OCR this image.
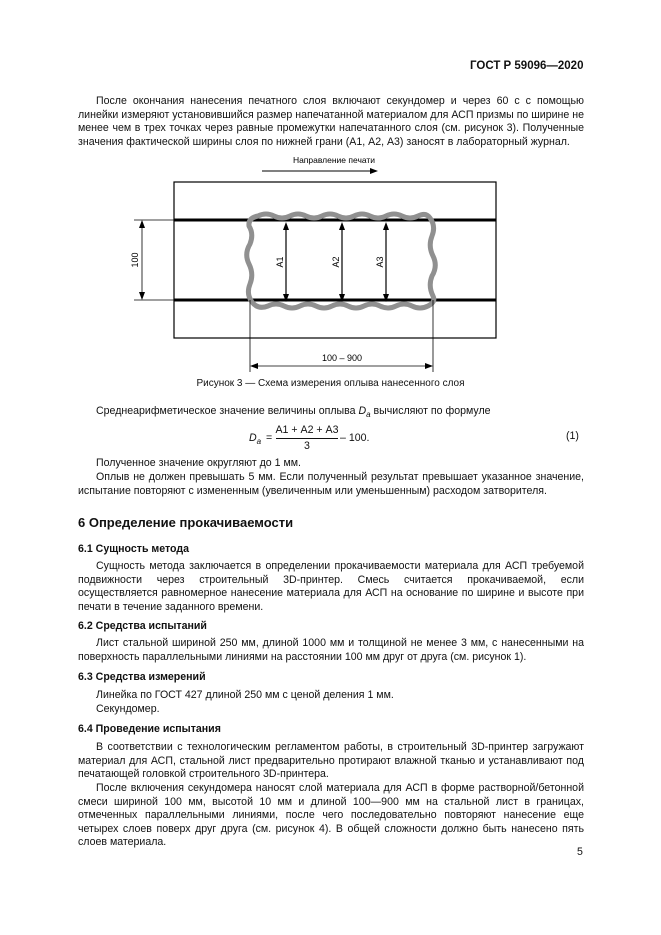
ГОСТ Р 59096—2020
После окончания нанесения печатного слоя включают секундомер и через 60 с с помощью линейки измеряют установившийся размер напечатанной материалом для АСП призмы по ширине не менее чем в трех точках через равные промежутки напечатанного слоя (см. рисунок 3). Полученные значения фактической ширины слоя по нижней грани (А1, А2, А3) заносят в лабораторный журнал.
Направление печати
А1	А2	А3
100
100 – 900
Рисунок 3 — Схема измерения оплыва нанесенного слоя
Среднеарифметическое значение величины оплыва $D_а$ вычисляют по формуле
$D_а$ =
А1 + А2 + А3
3
– 100.	(1)
Полученное значение округляют до 1 мм.
Оплыв не должен превышать 5 мм. Если полученный результат превышает указанное значение, испытание повторяют с измененным (увеличенным или уменьшенным) расходом затворителя.
6 Определение прокачиваемости
6.1 Сущность метода
Сущность метода заключается в определении прокачиваемости материала для АСП требуемой подвижности через строительный 3D-принтер. Смесь считается прокачиваемой, если осуществляется равномерное нанесение материала для АСП на основание по ширине и высоте при печати в течение заданного времени.
6.2 Средства испытаний
Лист стальной шириной 250 мм, длиной 1000 мм и толщиной не менее 3 мм, с нанесенными на поверхность параллельными линиями на расстоянии 100 мм друг от друга (см. рисунок 1).
6.3 Средства измерений
Линейка по ГОСТ 427 длиной 250 мм с ценой деления 1 мм.
Секундомер.
6.4 Проведение испытания
В соответствии с технологическим регламентом работы, в строительный 3D-принтер загружают материал для АСП, стальной лист предварительно протирают влажной тканью и устанавливают под печатающей головкой строительного 3D-принтера.
После включения секундомера наносят слой материала для АСП в форме растворной/бетонной смеси шириной 100 мм, высотой 10 мм и длиной 100—900 мм на стальной лист в границах, отмеченных параллельными линиями, после чего последовательно повторяют нанесение еще четырех слоев поверх друг друга (см. рисунок 4). В общей сложности должно быть нанесено пять слоев материала.
5
